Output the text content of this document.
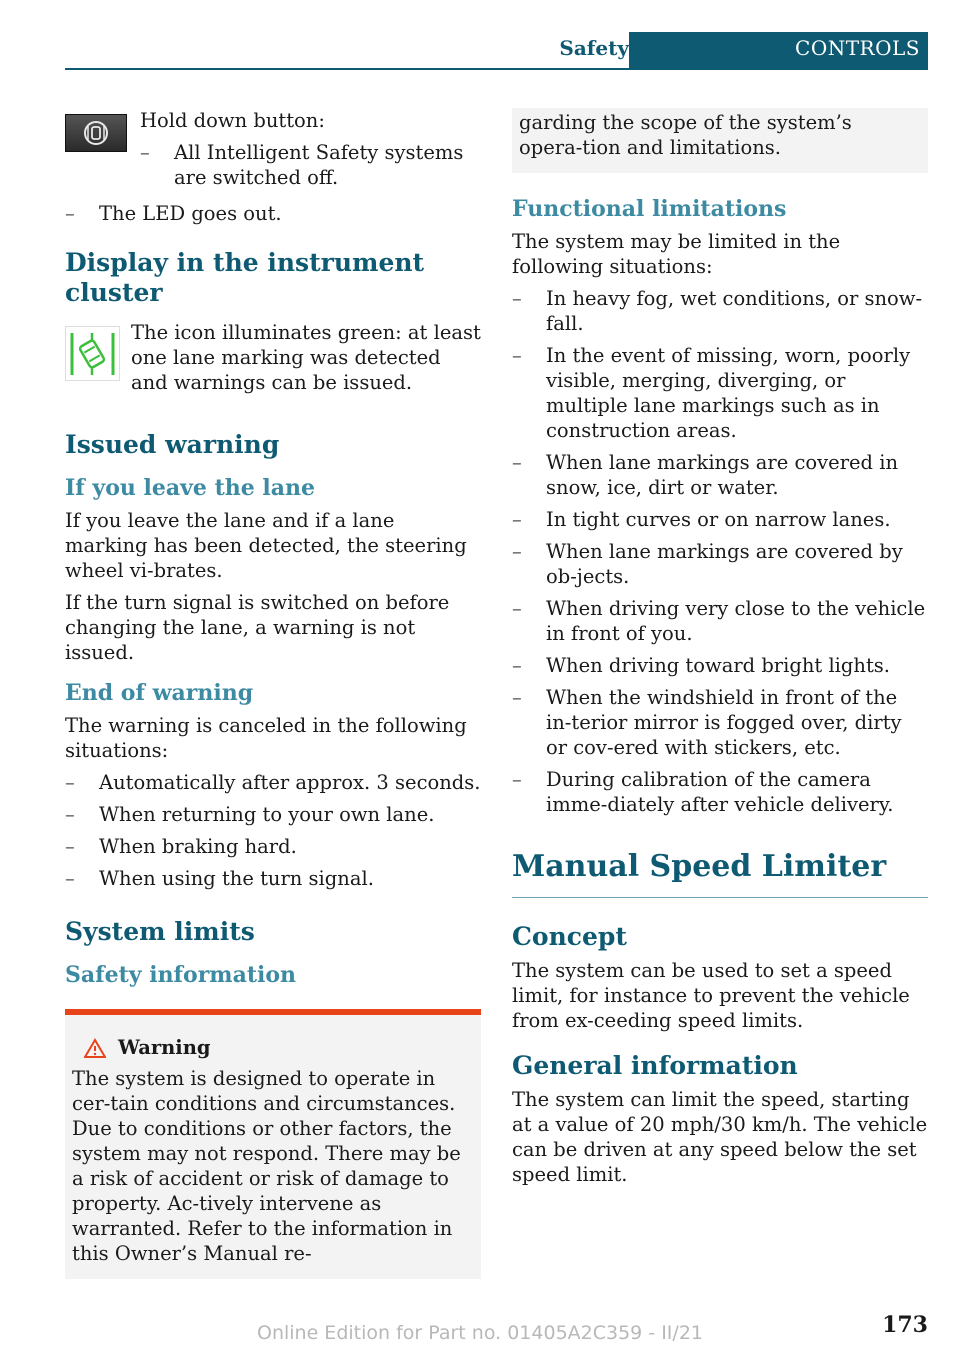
Safety	CONTROLS

Hold down button:

– All Intelligent Safety systems are switched off.
– The LED goes out.
Display in the instrument cluster

The icon illuminates green: at least one lane marking was detected and warnings can be issued.

Issued warning
If you leave the lane

If you leave the lane and if a lane marking has been detected, the steering wheel vi-brates.

If the turn signal is switched on before changing the lane, a warning is not issued.

End of warning

The warning is canceled in the following situations:

– Automatically after approx. 3 seconds.
– When returning to your own lane.
– When braking hard.
– When using the turn signal.
System limits
Safety information
Warning

The system is designed to operate in cer-tain conditions and circumstances. Due to conditions or other factors, the system may not respond. There may be a risk of accident or risk of damage to property. Ac-tively intervene as warranted. Refer to the information in this Owner’s Manual re-

garding the scope of the system’s opera-tion and limitations.

Functional limitations

The system may be limited in the following situations:

– In heavy fog, wet conditions, or snow-fall.
– In the event of missing, worn, poorly visible, merging, diverging, or multiple lane markings such as in construction areas.
– When lane markings are covered in snow, ice, dirt or water.
– In tight curves or on narrow lanes.
– When lane markings are covered by ob-jects.
– When driving very close to the vehicle in front of you.
– When driving toward bright lights.
– When the windshield in front of the in-terior mirror is fogged over, dirty or cov-ered with stickers, etc.
– During calibration of the camera imme-diately after vehicle delivery.
Manual Speed Limiter
Concept

The system can be used to set a speed limit, for instance to prevent the vehicle from ex-ceeding speed limits.

General information

The system can limit the speed, starting at a value of 20 mph/30 km/h. The vehicle can be driven at any speed below the set speed limit.

Online Edition for Part no. 01405A2C359 - II/21	173
